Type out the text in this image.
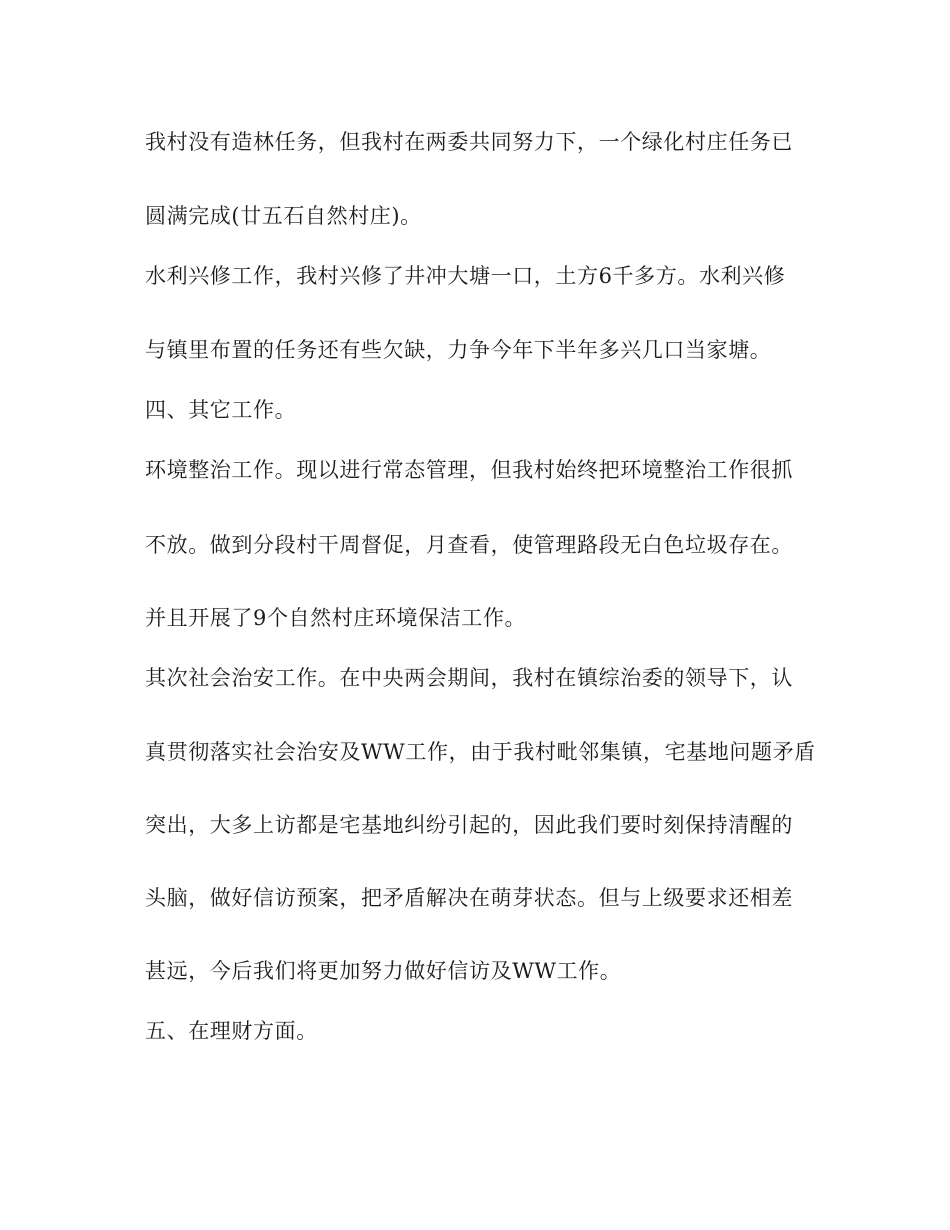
我村没有造林任务，但我村在两委共同努力下，一个绿化村庄任务已

圆满完成(廿五石自然村庄)。

水利兴修工作，我村兴修了井冲大塘一口，土方6千多方。水利兴修

与镇里布置的任务还有些欠缺，力争今年下半年多兴几口当家塘。

四、其它工作。

环境整治工作。现以进行常态管理，但我村始终把环境整治工作很抓

不放。做到分段村干周督促，月查看，使管理路段无白色垃圾存在。

并且开展了9个自然村庄环境保洁工作。

其次社会治安工作。在中央两会期间，我村在镇综治委的领导下，认

真贯彻落实社会治安及WW工作，由于我村毗邻集镇，宅基地问题矛盾

突出，大多上访都是宅基地纠纷引起的，因此我们要时刻保持清醒的

头脑，做好信访预案，把矛盾解决在萌芽状态。但与上级要求还相差

甚远，今后我们将更加努力做好信访及WW工作。

五、在理财方面。
